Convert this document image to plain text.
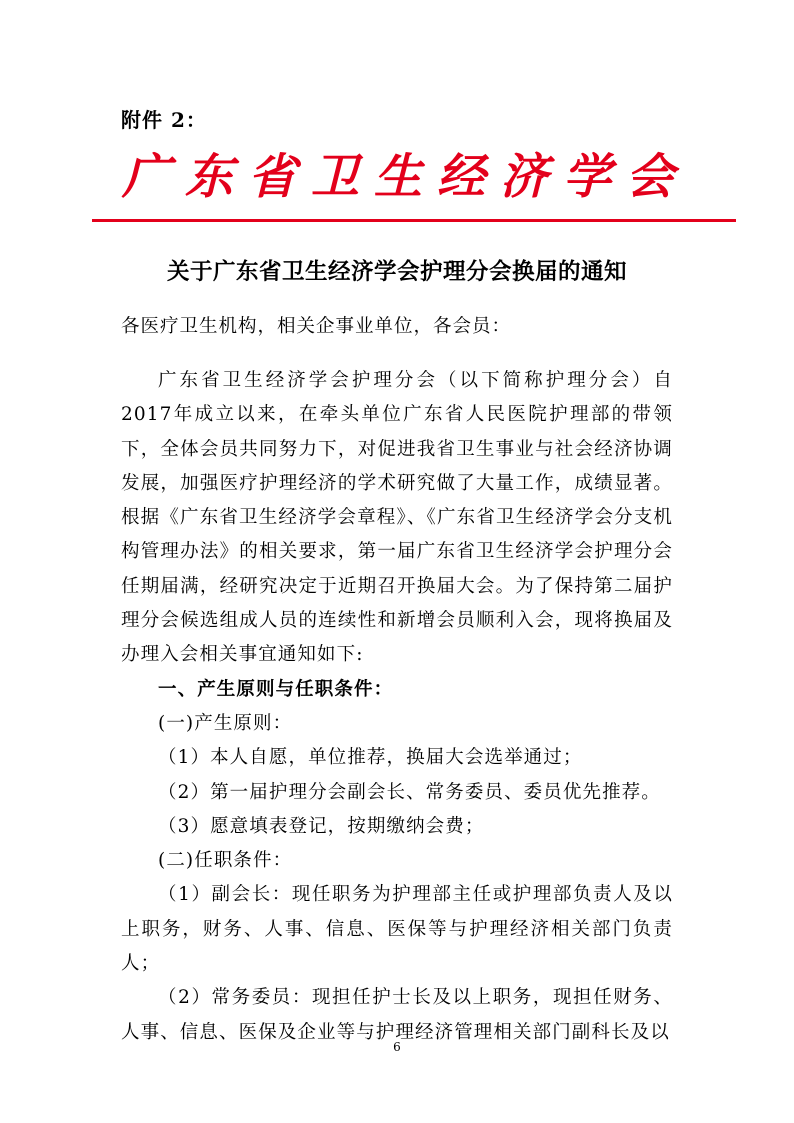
附件 2：
广 东 省 卫 生 经 济 学 会
关于广东省卫生经济学会护理分会换届的通知
各医疗卫生机构，相关企事业单位，各会员：

广东省卫生经济学会护理分会（以下简称护理分会）自2017年成立以来，在牵头单位广东省人民医院护理部的带领下，全体会员共同努力下，对促进我省卫生事业与社会经济协调发展，加强医疗护理经济的学术研究做了大量工作，成绩显著。根据《广东省卫生经济学会章程》、《广东省卫生经济学会分支机构管理办法》的相关要求，第一届广东省卫生经济学会护理分会任期届满，经研究决定于近期召开换届大会。为了保持第二届护理分会候选组成人员的连续性和新增会员顺利入会，现将换届及办理入会相关事宜通知如下:

一、产生原则与任职条件：

(一)产生原则：

（1）本人自愿，单位推荐，换届大会选举通过；

（2）第一届护理分会副会长、常务委员、委员优先推荐。

（3）愿意填表登记，按期缴纳会费；

(二)任职条件：

（1）副会长：现任职务为护理部主任或护理部负责人及以上职务，财务、人事、信息、医保等与护理经济相关部门负责人；

（2）常务委员：现担任护士长及以上职务，现担任财务、人事、信息、医保及企业等与护理经济管理相关部门副科长及以

6
